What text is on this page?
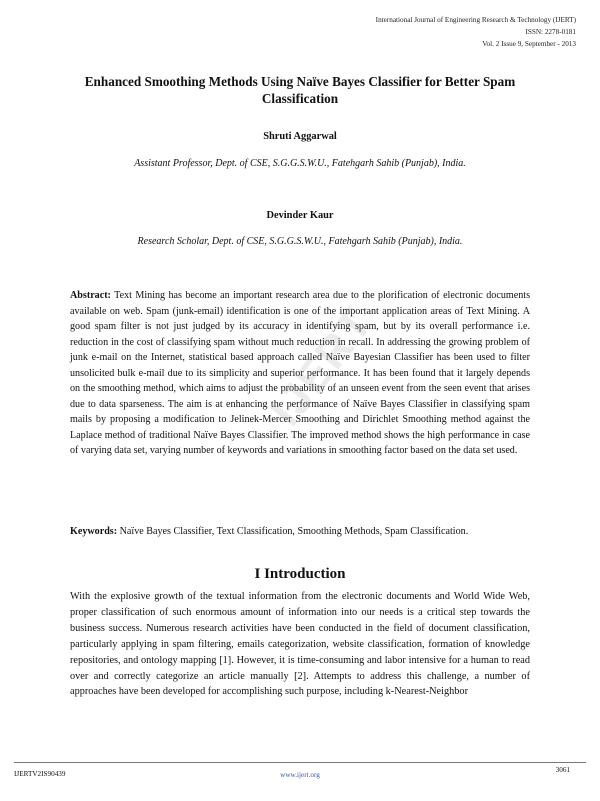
International Journal of Engineering Research & Technology (IJERT)
ISSN: 2278-0181
Vol. 2 Issue 9, September - 2013
Enhanced Smoothing Methods Using Naïve Bayes Classifier for Better Spam Classification

Shruti Aggarwal

Assistant Professor, Dept. of CSE, S.G.G.S.W.U., Fatehgarh Sahib (Punjab), India.

Devinder Kaur

Research Scholar, Dept. of CSE, S.G.G.S.W.U., Fatehgarh Sahib (Punjab), India.

Abstract: Text Mining has become an important research area due to the plorification of electronic documents available on web. Spam (junk-email) identification is one of the important application areas of Text Mining. A good spam filter is not just judged by its accuracy in identifying spam, but by its overall performance i.e. reduction in the cost of classifying spam without much reduction in recall. In addressing the growing problem of junk e-mail on the Internet, statistical based approach called Naïve Bayesian Classifier has been used to filter unsolicited bulk e-mail due to its simplicity and superior performance. It has been found that it largely depends on the smoothing method, which aims to adjust the probability of an unseen event from the seen event that arises due to data sparseness. The aim is at enhancing the performance of Naïve Bayes Classifier in classifying spam mails by proposing a modification to Jelinek-Mercer Smoothing and Dirichlet Smoothing method against the Laplace method of traditional Naïve Bayes Classifier. The improved method shows the high performance in case of varying data set, varying number of keywords and variations in smoothing factor based on the data set used.

Keywords: Naïve Bayes Classifier, Text Classification, Smoothing Methods, Spam Classification.

I Introduction

With the explosive growth of the textual information from the electronic documents and World Wide Web, proper classification of such enormous amount of information into our needs is a critical step towards the business success. Numerous research activities have been conducted in the field of document classification, particularly applying in spam filtering, emails categorization, website classification, formation of knowledge repositories, and ontology mapping [1]. However, it is time-consuming and labor intensive for a human to read over and correctly categorize an article manually [2]. Attempts to address this challenge, a number of approaches have been developed for accomplishing such purpose, including k-Nearest-Neighbor

IJERT
IJERTV2IS90439	www.ijert.org
3061
